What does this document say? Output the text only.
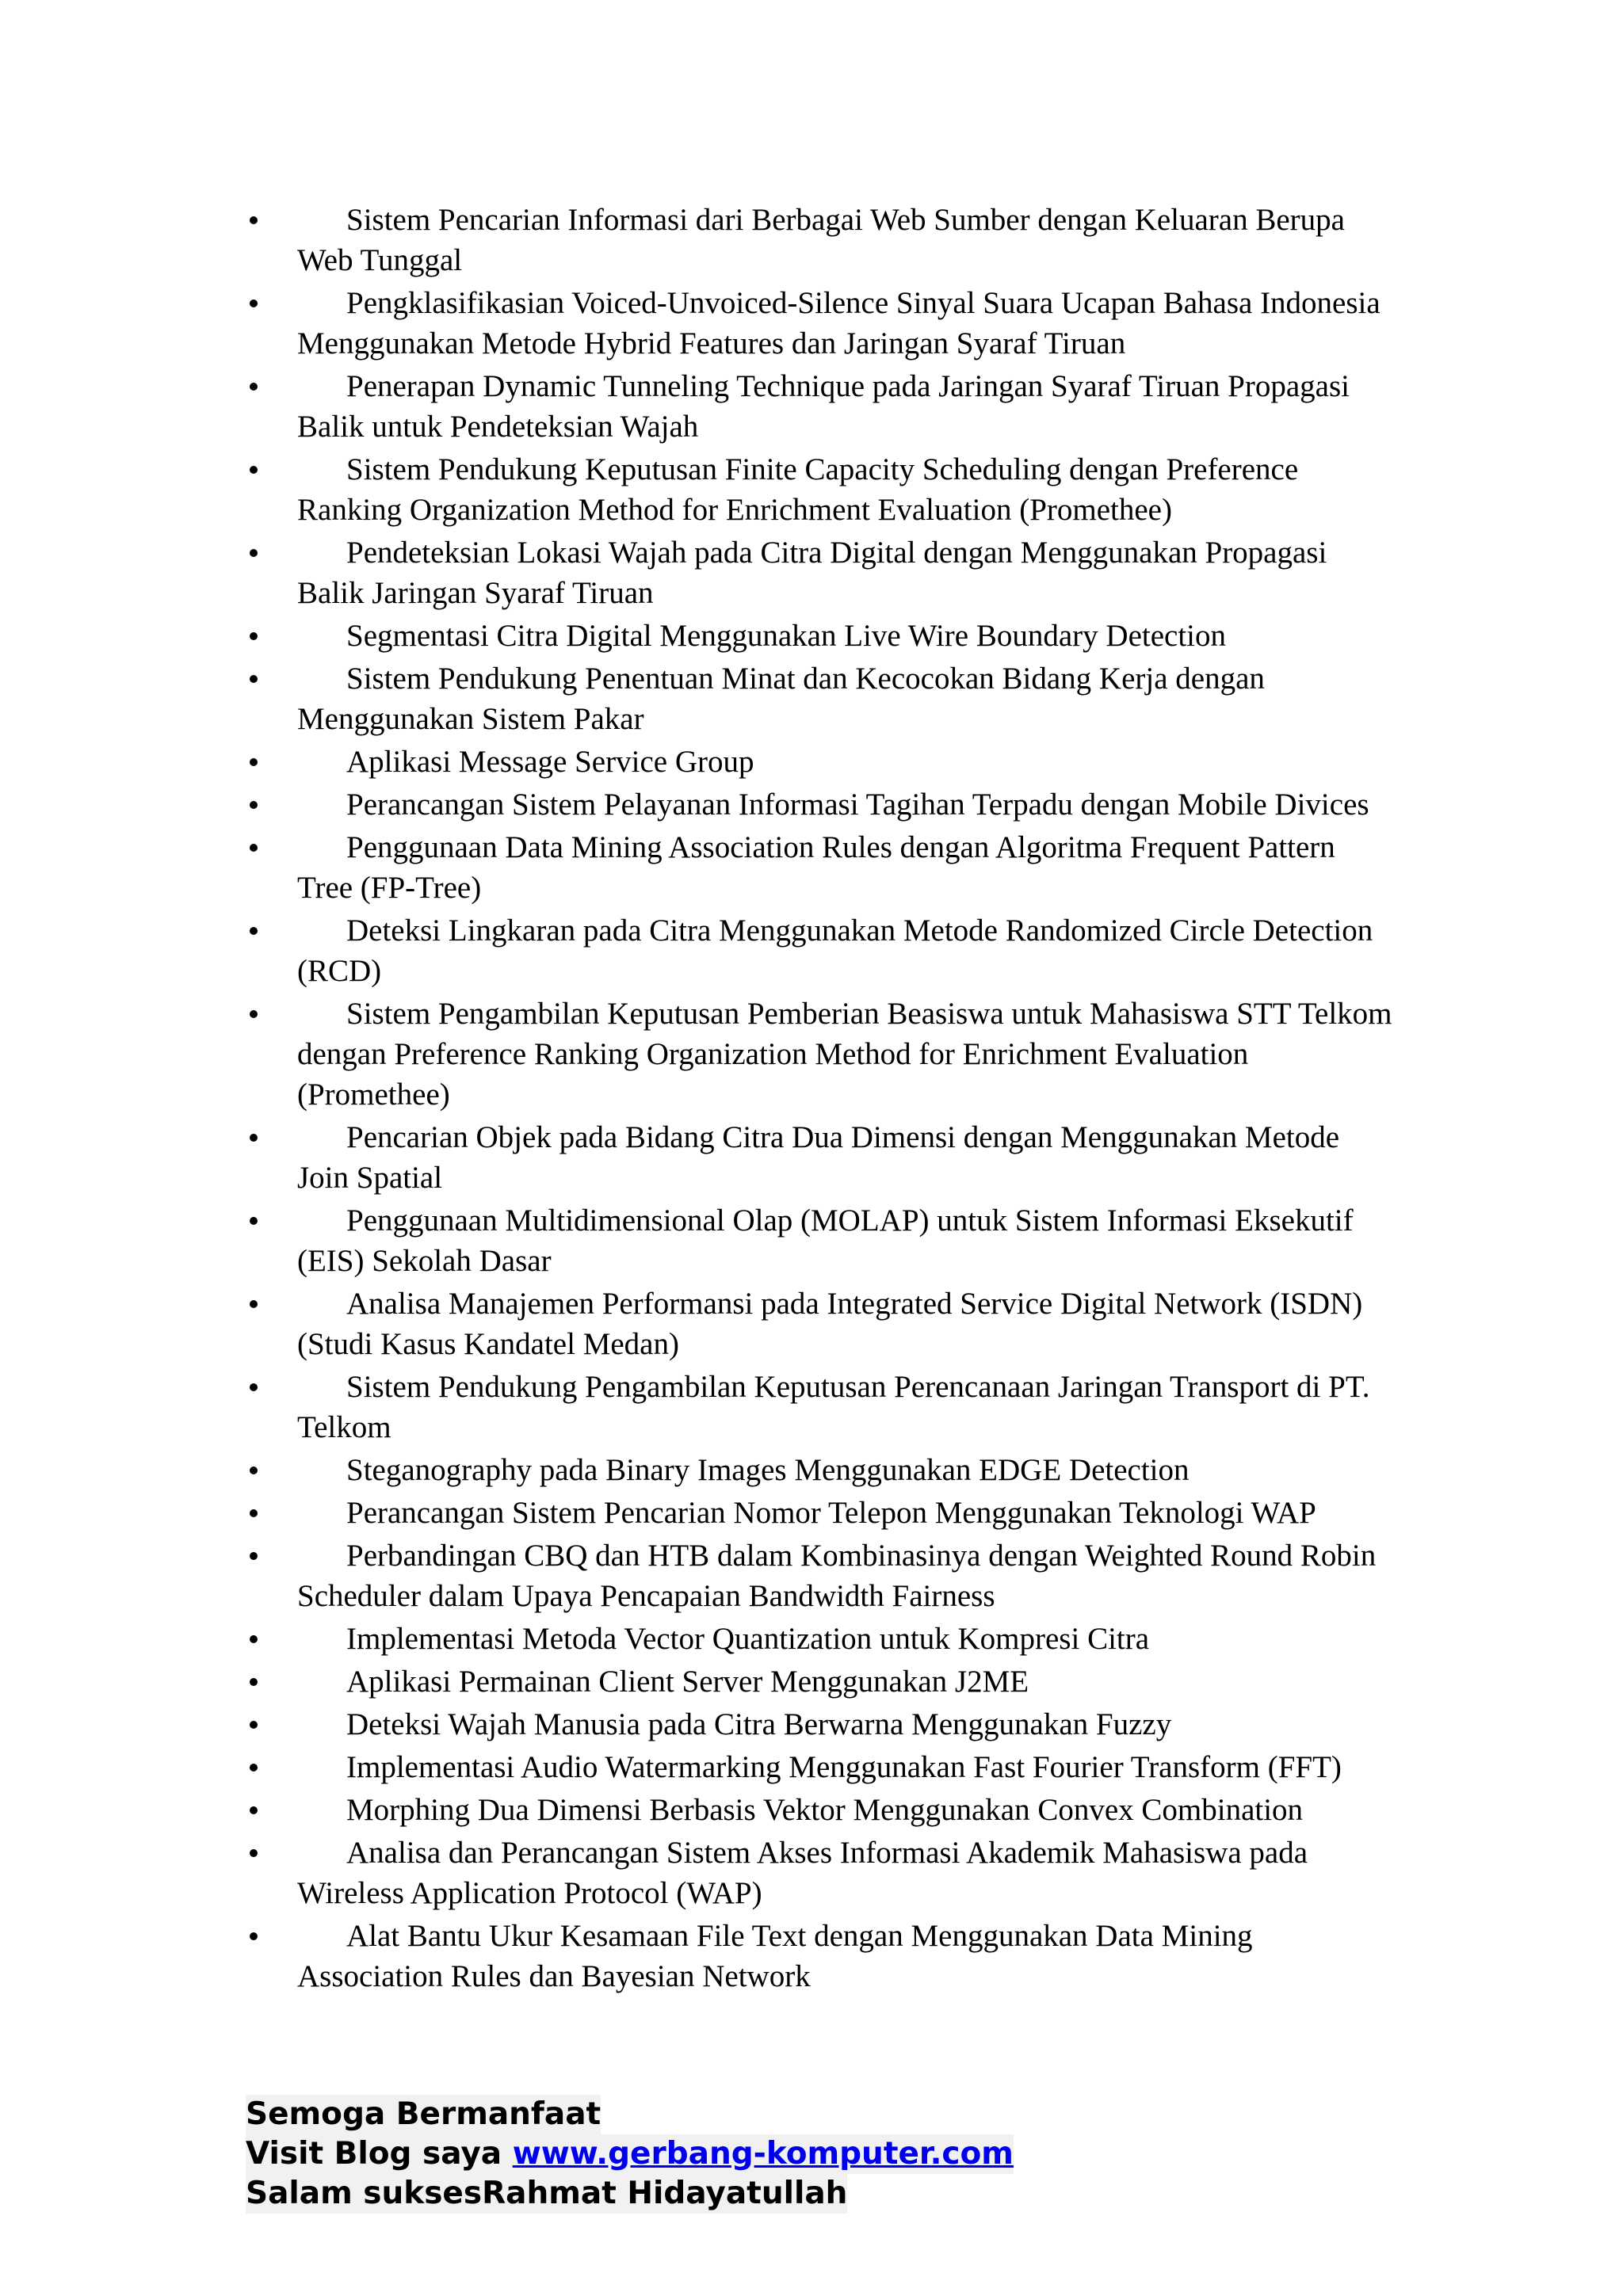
Sistem Pencarian Informasi dari Berbagai Web Sumber dengan Keluaran Berupa Web Tunggal
Pengklasifikasian Voiced-Unvoiced-Silence Sinyal Suara Ucapan Bahasa Indonesia Menggunakan Metode Hybrid Features dan Jaringan Syaraf Tiruan
Penerapan Dynamic Tunneling Technique pada Jaringan Syaraf Tiruan Propagasi Balik untuk Pendeteksian Wajah
Sistem Pendukung Keputusan Finite Capacity Scheduling dengan Preference Ranking Organization Method for Enrichment Evaluation (Promethee)
Pendeteksian Lokasi Wajah pada Citra Digital dengan Menggunakan Propagasi Balik Jaringan Syaraf Tiruan
Segmentasi Citra Digital Menggunakan Live Wire Boundary Detection
Sistem Pendukung Penentuan Minat dan Kecocokan Bidang Kerja dengan Menggunakan Sistem Pakar
Aplikasi Message Service Group
Perancangan Sistem Pelayanan Informasi Tagihan Terpadu dengan Mobile Divices
Penggunaan Data Mining Association Rules dengan Algoritma Frequent Pattern Tree (FP-Tree)
Deteksi Lingkaran pada Citra Menggunakan Metode Randomized Circle Detection (RCD)
Sistem Pengambilan Keputusan Pemberian Beasiswa untuk Mahasiswa STT Telkom dengan Preference Ranking Organization Method for Enrichment Evaluation (Promethee)
Pencarian Objek pada Bidang Citra Dua Dimensi dengan Menggunakan Metode Join Spatial
Penggunaan Multidimensional Olap (MOLAP) untuk Sistem Informasi Eksekutif (EIS) Sekolah Dasar
Analisa Manajemen Performansi pada Integrated Service Digital Network (ISDN) (Studi Kasus Kandatel Medan)
Sistem Pendukung Pengambilan Keputusan Perencanaan Jaringan Transport di PT. Telkom
Steganography pada Binary Images Menggunakan EDGE Detection
Perancangan Sistem Pencarian Nomor Telepon Menggunakan Teknologi WAP
Perbandingan CBQ dan HTB dalam Kombinasinya dengan Weighted Round Robin Scheduler dalam Upaya Pencapaian Bandwidth Fairness
Implementasi Metoda Vector Quantization untuk Kompresi Citra
Aplikasi Permainan Client Server Menggunakan J2ME
Deteksi Wajah Manusia pada Citra Berwarna Menggunakan Fuzzy
Implementasi Audio Watermarking Menggunakan Fast Fourier Transform (FFT)
Morphing Dua Dimensi Berbasis Vektor Menggunakan Convex Combination
Analisa dan Perancangan Sistem Akses Informasi Akademik Mahasiswa pada Wireless Application Protocol (WAP)
Alat Bantu Ukur Kesamaan File Text dengan Menggunakan Data Mining Association Rules dan Bayesian Network
Semoga Bermanfaat
Visit Blog saya www.gerbang-komputer.com
Salam suksesRahmat Hidayatullah
